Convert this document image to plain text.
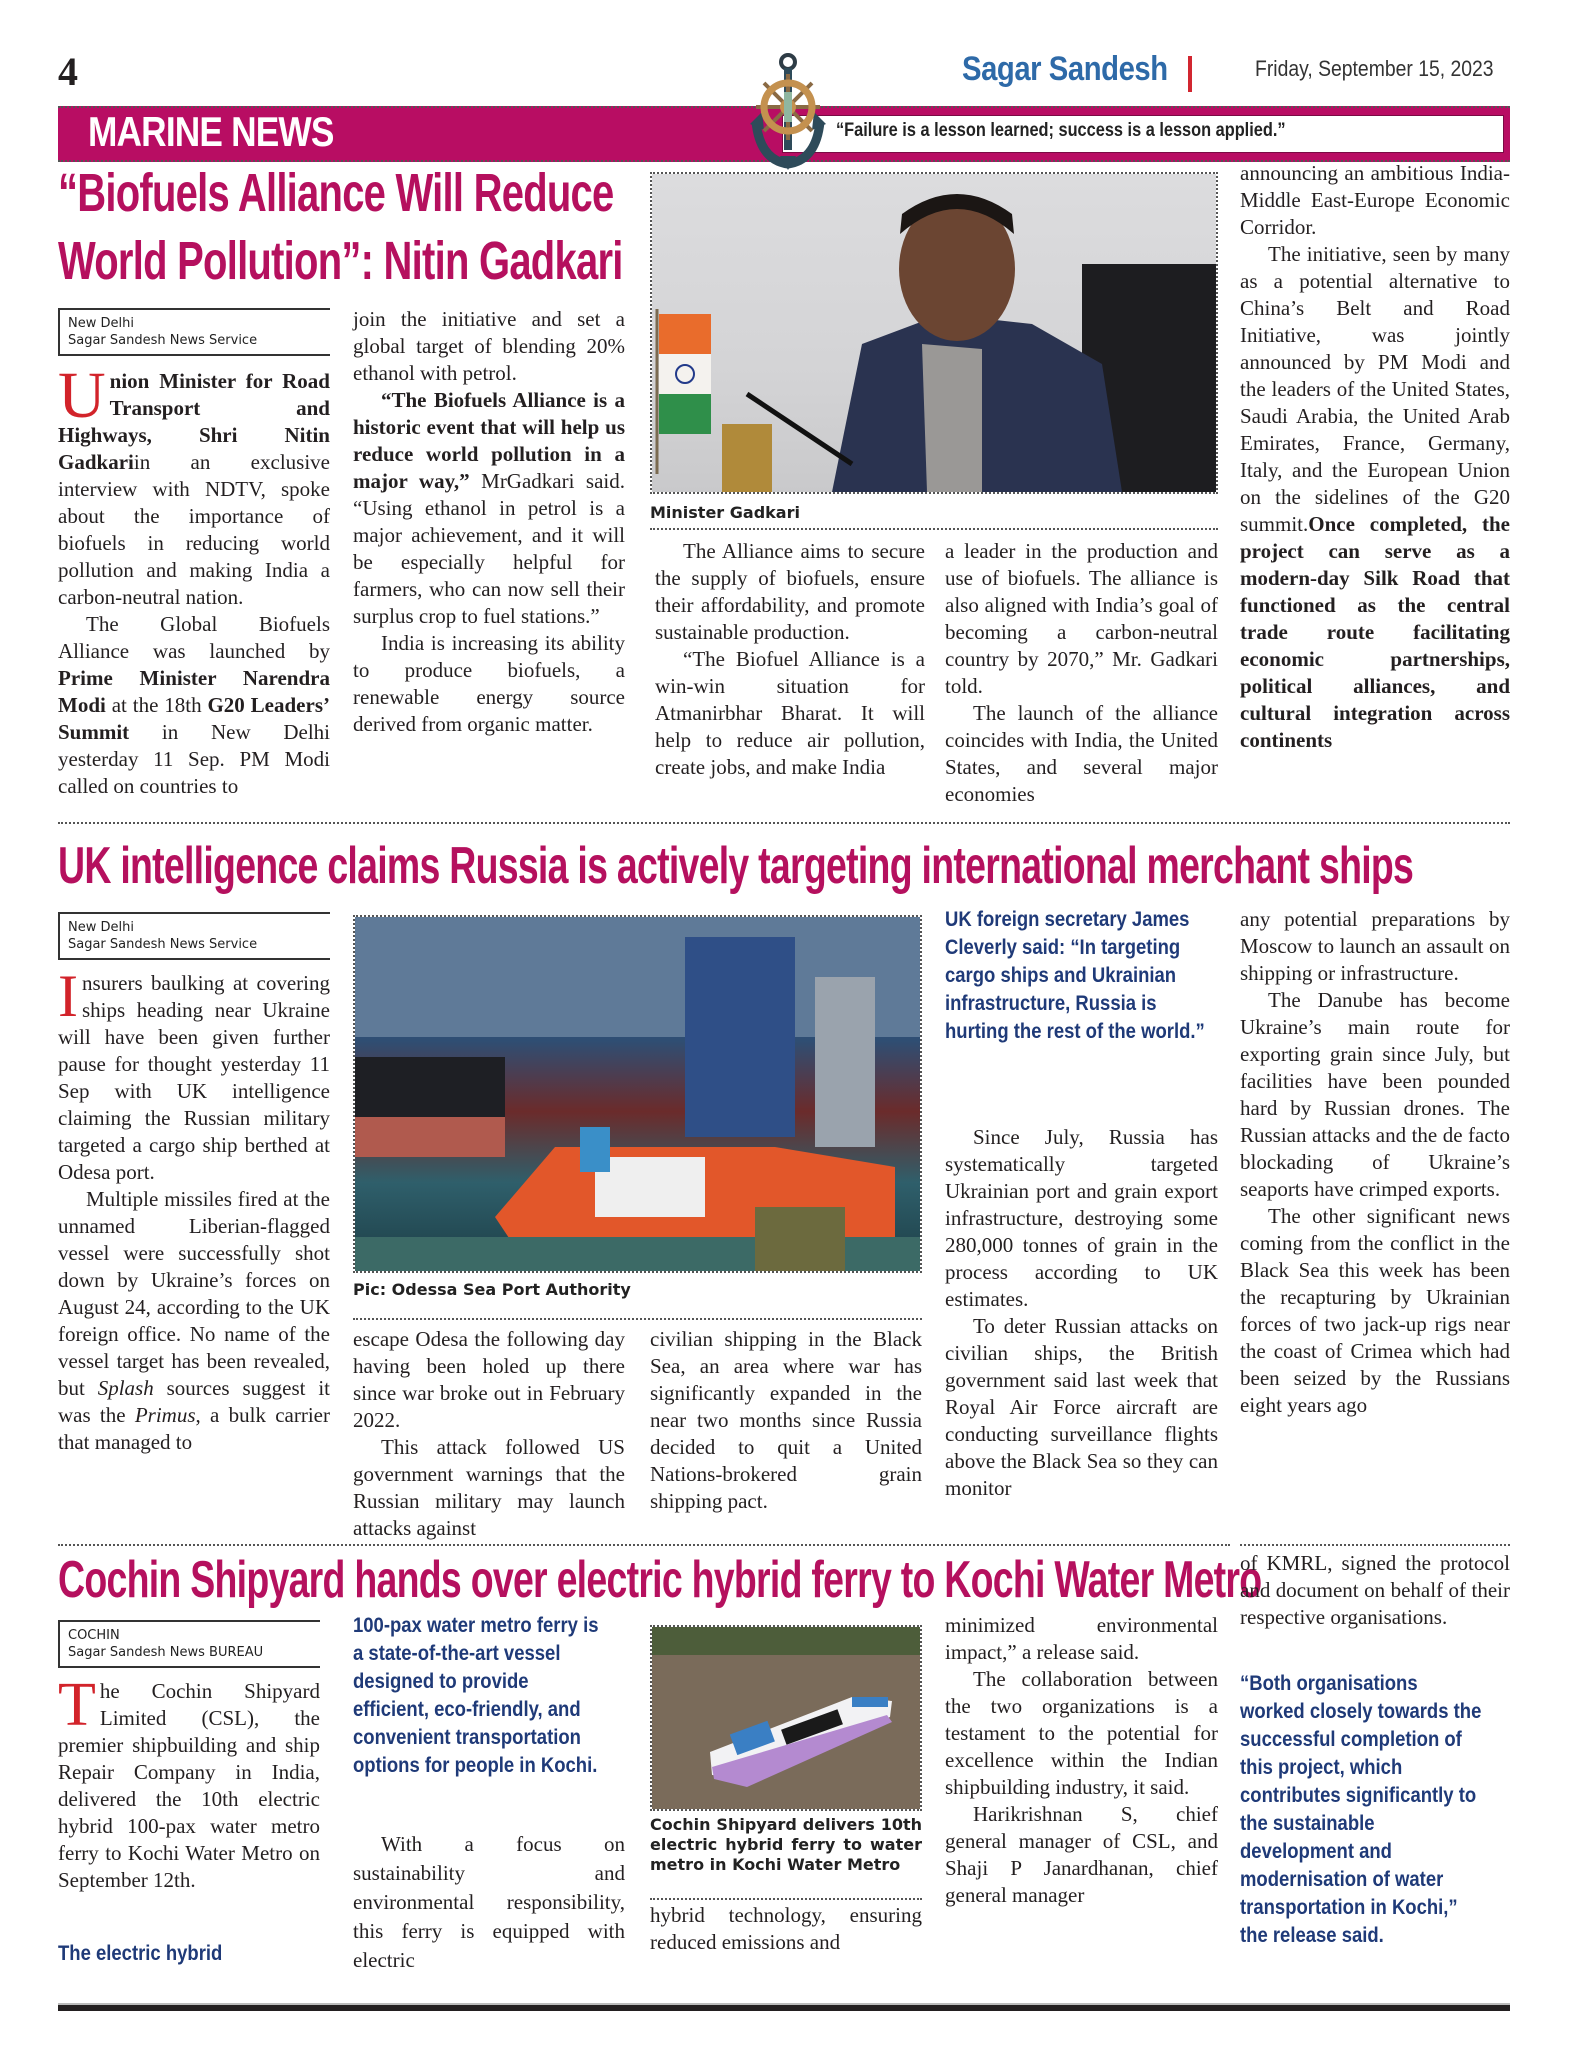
4	Sagar Sandesh	Friday, September 15, 2023
MARINE NEWS	“Failure is a lesson learned; success is a lesson applied.”
“Biofuels Alliance Will Reduce
World Pollution”: Nitin Gadkari
New Delhi
Sagar Sandesh News Service

U nion Minister for Road Transport and Highways, Shri Nitin Gadkariin an exclusive interview with NDTV, spoke about the importance of biofuels in reducing world pollution and making India a carbon-neutral nation.

The Global Biofuels Alliance was launched by Prime Minister Narendra Modi at the 18th G20 Leaders’ Summit in New Delhi yesterday 11 Sep. PM Modi called on countries to

join the initiative and set a global target of blending 20% ethanol with petrol.

“The Biofuels Alliance is a historic event that will help us reduce world pollution in a major way,” MrGadkari said. “Using ethanol in petrol is a major achievement, and it will be especially helpful for farmers, who can now sell their surplus crop to fuel stations.”

India is increasing its ability to produce biofuels, a renewable energy source derived from organic matter.

Minister Gadkari

The Alliance aims to secure the supply of biofuels, ensure their affordability, and promote sustainable production.

“The Biofuel Alliance is a win-win situation for Atmanirbhar Bharat. It will help to reduce air pollution, create jobs, and make India

a leader in the production and use of biofuels. The alliance is also aligned with India’s goal of becoming a carbon-neutral country by 2070,” Mr. Gadkari told.

The launch of the alliance coincides with India, the United States, and several major economies

announcing an ambitious India-Middle East-Europe Economic Corridor.

The initiative, seen by many as a potential alternative to China’s Belt and Road Initiative, was jointly announced by PM Modi and the leaders of the United States, Saudi Arabia, the United Arab Emirates, France, Germany, Italy, and the European Union on the sidelines of the G20 summit.Once completed, the project can serve as a modern-day Silk Road that functioned as the central trade route facilitating economic partnerships, political alliances, and cultural integration across continents

UK intelligence claims Russia is actively targeting international merchant ships
New Delhi
Sagar Sandesh News Service

Insurers baulking at covering ships heading near Ukraine will have been given further pause for thought yesterday 11 Sep with UK intelligence claiming the Russian military targeted a cargo ship berthed at Odesa port.

Multiple missiles fired at the unnamed Liberian-flagged vessel were successfully shot down by Ukraine’s forces on August 24, according to the UK foreign office. No name of the vessel target has been revealed, but Splash sources suggest it was the Primus, a bulk carrier that managed to

Pic: Odessa Sea Port Authority

escape Odesa the following day having been holed up there since war broke out in February 2022.

This attack followed US government warnings that the Russian military may launch attacks against

civilian shipping in the Black Sea, an area where war has significantly expanded in the near two months since Russia decided to quit a United Nations-brokered grain shipping pact.

UK foreign secretary James Cleverly said: “In targeting cargo ships and Ukrainian infrastructure, Russia is hurting the rest of the world.”

Since July, Russia has systematically targeted Ukrainian port and grain export infrastructure, destroying some 280,000 tonnes of grain in the process according to UK estimates.

To deter Russian attacks on civilian ships, the British government said last week that Royal Air Force aircraft are conducting surveillance flights above the Black Sea so they can monitor

any potential preparations by Moscow to launch an assault on shipping or infrastructure.

The Danube has become Ukraine’s main route for exporting grain since July, but facilities have been pounded hard by Russian drones. The Russian attacks and the de facto blockading of Ukraine’s seaports have crimped exports.

The other significant news coming from the conflict in the Black Sea this week has been the recapturing by Ukrainian forces of two jack-up rigs near the coast of Crimea which had been seized by the Russians eight years ago

Cochin Shipyard hands over electric hybrid ferry to Kochi Water Metro
COCHIN
Sagar Sandesh News BUREAU

The Cochin Shipyard Limited (CSL), the premier shipbuilding and ship Repair Company in India, delivered the 10th electric hybrid 100-pax water metro ferry to Kochi Water Metro on September 12th.

The electric hybrid
100-pax water metro ferry is a state-of-the-art vessel designed to provide efficient, eco-friendly, and convenient transportation options for people in Kochi.

With a focus on sustainability and environmental responsibility, this ferry is equipped with electric

Cochin Shipyard delivers 10th electric hybrid ferry to water metro in Kochi Water Metro

hybrid technology, ensuring reduced emissions and

minimized environmental impact,” a release said.

The collaboration between the two organizations is a testament to the potential for excellence within the Indian shipbuilding industry, it said.

Harikrishnan S, chief general manager of CSL, and Shaji P Janardhanan, chief general manager

of KMRL, signed the protocol and document on behalf of their respective organisations.

“Both organisations worked closely towards the successful completion of this project, which contributes significantly to the sustainable development and modernisation of water transportation in Kochi,” the release said.
